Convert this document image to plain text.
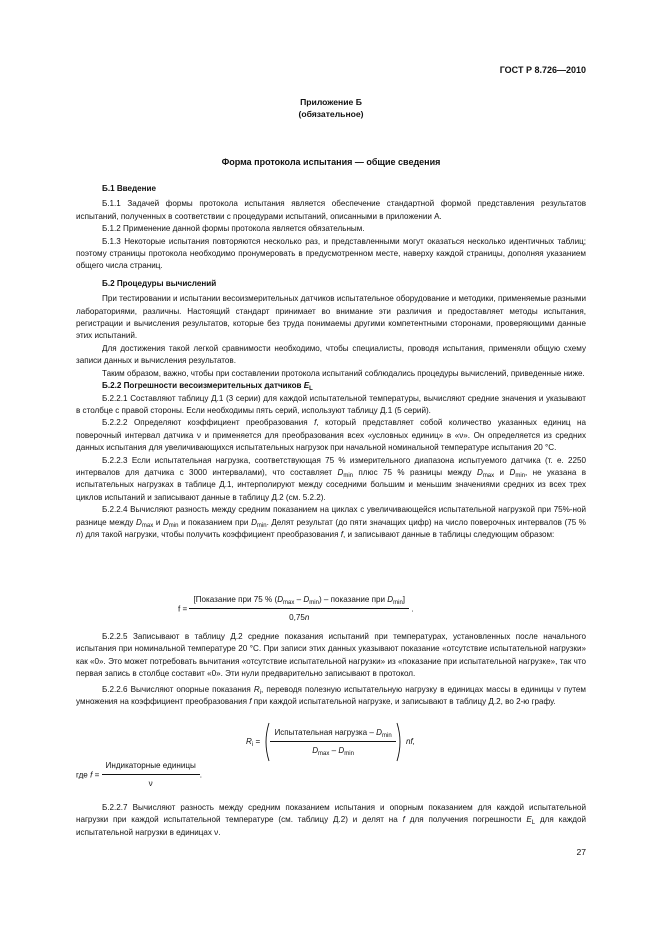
ГОСТ Р 8.726—2010
Приложение Б
(обязательное)
Форма протокола испытания — общие сведения

Б.1 Введение

Б.1.1 Задачей формы протокола испытания является обеспечение стандартной формой представления результатов испытаний, полученных в соответствии с процедурами испытаний, описанными в приложении А.

Б.1.2 Применение данной формы протокола является обязательным.

Б.1.3 Некоторые испытания повторяются несколько раз, и представленными могут оказаться несколько идентичных таблиц; поэтому страницы протокола необходимо пронумеровать в предусмотренном месте, наверху каждой страницы, дополняя указанием общего числа страниц.

Б.2 Процедуры вычислений

При тестировании и испытании весоизмерительных датчиков испытательное оборудование и методики, применяемые разными лабораториями, различны. Настоящий стандарт принимает во внимание эти различия и предоставляет методы испытания, регистрации и вычисления результатов, которые без труда понимаемы другими компетентными сторонами, проверяющими данные этих испытаний.

Для достижения такой легкой сравнимости необходимо, чтобы специалисты, проводя испытания, применяли общую схему записи данных и вычисления результатов.

Таким образом, важно, чтобы при составлении протокола испытаний соблюдались процедуры вычислений, приведенные ниже.

Б.2.2 Погрешности весоизмерительных датчиков $E_L$

Б.2.2.1 Составляют таблицу Д.1 (3 серии) для каждой испытательной температуры, вычисляют средние значения и указывают в столбце с правой стороны. Если необходимы пять серий, используют таблицу Д.1 (5 серий).

Б.2.2.2 Определяют коэффициент преобразования f, который представляет собой количество указанных единиц на поверочный интервал датчика ν и применяется для преобразования всех «условных единиц» в «ν». Он определяется из средних данных испытания для увеличивающихся испытательных нагрузок при начальной номинальной температуре испытания 20 °С.

Б.2.2.3 Если испытательная нагрузка, соответствующая 75 % измерительного диапазона испытуемого датчика (т. е. 2250 интервалов для датчика с 3000 интервалами), что составляет $D_{min}$ плюс 75 % разницы между $D_{max}$ и $D_{min}$, не указана в испытательных нагрузках в таблице Д.1, интерполируют между соседними большим и меньшим значениями средних из всех трех циклов испытаний и записывают данные в таблицу Д.2 (см. 5.2.2).

Б.2.2.4 Вычисляют разность между средним показанием на циклах с увеличивающейся испытательной нагрузкой при 75%-ной разнице между $D_{max}$ и $D_{min}$ и показанием при $D_{min}$. Делят результат (до пяти значащих цифр) на число поверочных интервалов (75 % n) для такой нагрузки, чтобы получить коэффициент преобразования f, и записывают данные в таблицы следующим образом:

$f = \frac{[Показание при 75 \% (D_{max} - D_{min}) - показание при D_{min}]}{0,75n}$ .

Б.2.2.5 Записывают в таблицу Д.2 средние показания испытаний при температурах, установленных после начального испытания при номинальной температуре 20 °С. При записи этих данных указывают показание «отсутствие испытательной нагрузки» как «0». Это может потребовать вычитания «отсутствие испытательной нагрузки» из «показание при испытательной нагрузке», так что первая запись в столбце составит «0». Эти нули предварительно записывают в протокол.

Б.2.2.6 Вычисляют опорные показания $R_i$, переводя полезную испытательную нагрузку в единицах массы в единицы ν путем умножения на коэффициент преобразования f при каждой испытательной нагрузке, и записывают в таблицу Д.2, во 2-ю графу.

$R_i = \frac{Испытательная нагрузка - D_{min}}{D_{max} - D_{min}}$ nf,
где $f = \frac{\text{Индикаторные единицы}}{\nu}$ .

Б.2.2.7 Вычисляют разность между средним показанием испытания и опорным показанием для каждой испытательной нагрузки при каждой испытательной температуре (см. таблицу Д.2) и делят на f для получения погрешности $E_L$ для каждой испытательной нагрузки в единицах ν.

27
